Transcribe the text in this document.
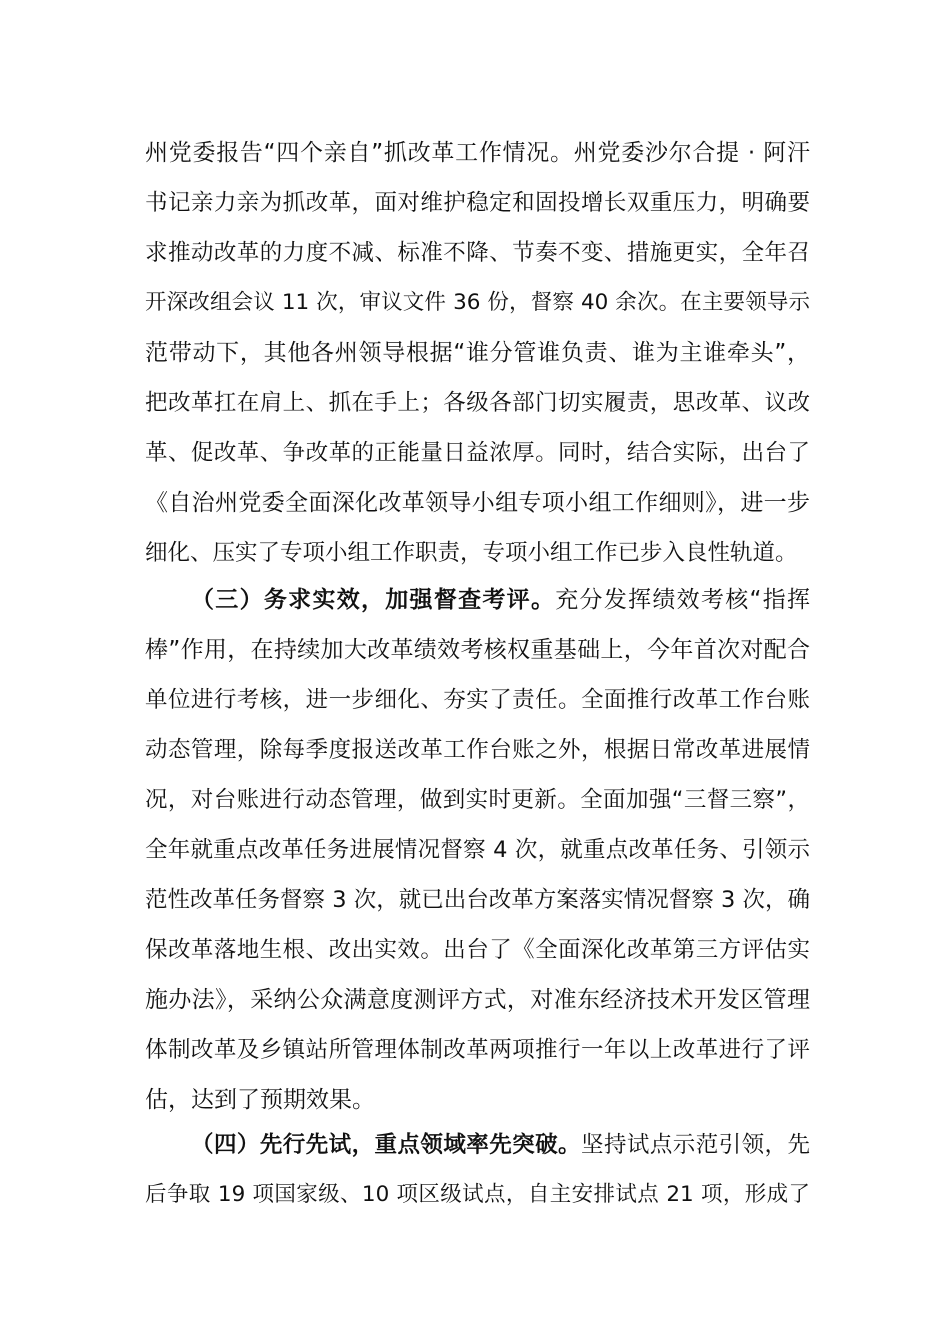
州党委报告“四个亲自”抓改革工作情况。州党委沙尔合提 · 阿汗
书记亲力亲为抓改革，面对维护稳定和固投增长双重压力，明确要
求推动改革的力度不减、标准不降、节奏不变、措施更实，全年召
开深改组会议 11 次，审议文件 36 份，督察 40 余次。在主要领导示
范带动下，其他各州领导根据“谁分管谁负责、谁为主谁牵头”，
把改革扛在肩上、抓在手上；各级各部门切实履责，思改革、议改
革、促改革、争改革的正能量日益浓厚。同时，结合实际，出台了
《自治州党委全面深化改革领导小组专项小组工作细则》，进一步
细化、压实了专项小组工作职责，专项小组工作已步入良性轨道。
（三）务求实效，加强督查考评。充分发挥绩效考核“指挥
棒”作用，在持续加大改革绩效考核权重基础上，今年首次对配合
单位进行考核，进一步细化、夯实了责任。全面推行改革工作台账
动态管理，除每季度报送改革工作台账之外，根据日常改革进展情
况，对台账进行动态管理，做到实时更新。全面加强“三督三察”，
全年就重点改革任务进展情况督察 4 次，就重点改革任务、引领示
范性改革任务督察 3 次，就已出台改革方案落实情况督察 3 次，确
保改革落地生根、改出实效。出台了《全面深化改革第三方评估实
施办法》，采纳公众满意度测评方式，对准东经济技术开发区管理
体制改革及乡镇站所管理体制改革两项推行一年以上改革进行了评
估，达到了预期效果。
（四）先行先试，重点领域率先突破。坚持试点示范引领，先
后争取 19 项国家级、10 项区级试点，自主安排试点 21 项，形成了
